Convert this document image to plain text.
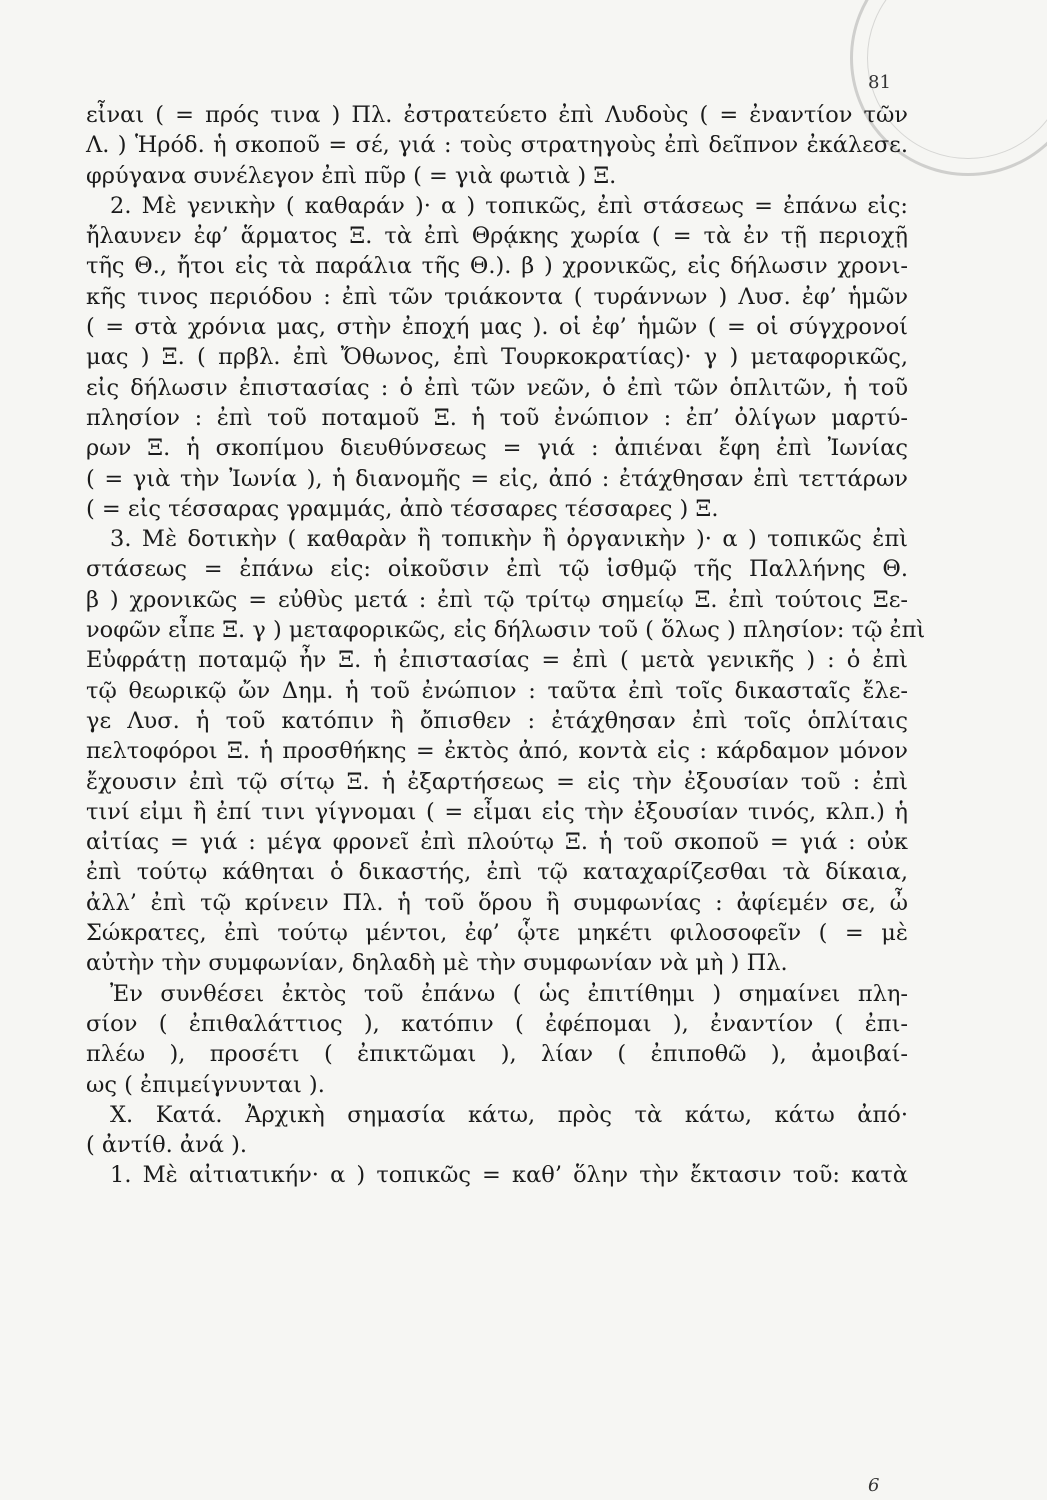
81
εἶναι ( = πρός τινα ) Πλ. ἐστρατεύετο ἐπὶ Λυδοὺς ( = ἐναντίον τῶν
Λ. ) Ἡρόδ. ἡ σκοποῦ = σέ, γιά : τοὺς στρατηγοὺς ἐπὶ δεῖπνον ἐκάλεσε.
φρύγανα συνέλεγον ἐπὶ πῦρ ( = γιὰ φωτιὰ ) Ξ.
2. Μὲ γενικὴν ( καθαράν )· α ) τοπικῶς, ἐπὶ στάσεως = ἐπάνω εἰς:
ἤλαυνεν ἐφ’ ἅρματος Ξ. τὰ ἐπὶ Θρᾴκης χωρία ( = τὰ ἐν τῇ περιοχῇ
τῆς Θ., ἤτοι εἰς τὰ παράλια τῆς Θ.). β ) χρονικῶς, εἰς δήλωσιν χρονι-
κῆς τινος περιόδου : ἐπὶ τῶν τριάκοντα ( τυράννων ) Λυσ. ἐφ’ ἡμῶν
( = στὰ χρόνια μας, στὴν ἐποχή μας ). οἱ ἐφ’ ἡμῶν ( = οἱ σύγχρονοί
μας ) Ξ. ( πρβλ. ἐπὶ Ὄθωνος, ἐπὶ Τουρκοκρατίας)· γ ) μεταφορικῶς,
εἰς δήλωσιν ἐπιστασίας : ὁ ἐπὶ τῶν νεῶν, ὁ ἐπὶ τῶν ὁπλιτῶν, ἡ τοῦ
πλησίον : ἐπὶ τοῦ ποταμοῦ Ξ. ἡ τοῦ ἐνώπιον : ἐπ’ ὀλίγων μαρτύ-
ρων Ξ. ἡ σκοπίμου διευθύνσεως = γιά : ἀπιέναι ἔφη ἐπὶ Ἰωνίας
( = γιὰ τὴν Ἰωνία ), ἡ διανομῆς = εἰς, ἀπό : ἐτάχθησαν ἐπὶ τεττάρων
( = εἰς τέσσαρας γραμμάς, ἀπὸ τέσσαρες τέσσαρες ) Ξ.
3. Μὲ δοτικὴν ( καθαρὰν ἢ τοπικὴν ἢ ὀργανικὴν )· α ) τοπικῶς ἐπὶ
στάσεως = ἐπάνω εἰς: οἰκοῦσιν ἐπὶ τῷ ἰσθμῷ τῆς Παλλήνης Θ.
β ) χρονικῶς = εὐθὺς μετά : ἐπὶ τῷ τρίτῳ σημείῳ Ξ. ἐπὶ τούτοις Ξε-
νοφῶν εἶπε Ξ. γ ) μεταφορικῶς, εἰς δήλωσιν τοῦ ( ὅλως ) πλησίον: τῷ ἐπὶ
Εὐφράτῃ ποταμῷ ἦν Ξ. ἡ ἐπιστασίας = ἐπὶ ( μετὰ γενικῆς ) : ὁ ἐπὶ
τῷ θεωρικῷ ὤν Δημ. ἡ τοῦ ἐνώπιον : ταῦτα ἐπὶ τοῖς δικασταῖς ἔλε-
γε Λυσ. ἡ τοῦ κατόπιν ἢ ὄπισθεν : ἐτάχθησαν ἐπὶ τοῖς ὁπλίταις
πελτοφόροι Ξ. ἡ προσθήκης = ἐκτὸς ἀπό, κοντὰ εἰς : κάρδαμον μόνον
ἔχουσιν ἐπὶ τῷ σίτῳ Ξ. ἡ ἐξαρτήσεως = εἰς τὴν ἐξουσίαν τοῦ : ἐπὶ
τινί εἰμι ἢ ἐπί τινι γίγνομαι ( = εἶμαι εἰς τὴν ἐξουσίαν τινός, κλπ.) ἡ
αἰτίας = γιά : μέγα φρονεῖ ἐπὶ πλούτῳ Ξ. ἡ τοῦ σκοποῦ = γιά : οὐκ
ἐπὶ τούτῳ κάθηται ὁ δικαστής, ἐπὶ τῷ καταχαρίζεσθαι τὰ δίκαια,
ἀλλ’ ἐπὶ τῷ κρίνειν Πλ. ἡ τοῦ ὅρου ἢ συμφωνίας : ἀφίεμέν σε, ὦ
Σώκρατες, ἐπὶ τούτῳ μέντοι, ἐφ’ ᾧτε μηκέτι φιλοσοφεῖν ( = μὲ
αὐτὴν τὴν συμφωνίαν, δηλαδὴ μὲ τὴν συμφωνίαν νὰ μὴ ) Πλ.
Ἐν συνθέσει ἐκτὸς τοῦ ἐπάνω ( ὡς ἐπιτίθημι ) σημαίνει πλη-
σίον ( ἐπιθαλάττιος ), κατόπιν ( ἐφέπομαι ), ἐναντίον ( ἐπι-
πλέω ), προσέτι ( ἐπικτῶμαι ), λίαν ( ἐπιποθῶ ), ἀμοιβαί-
ως ( ἐπιμείγνυνται ).
Χ. Κατά. Ἀρχικὴ σημασία κάτω, πρὸς τὰ κάτω, κάτω ἀπό·
( ἀντίθ. ἀνά ).
1. Μὲ αἰτιατικήν· α ) τοπικῶς = καθ’ ὅλην τὴν ἔκτασιν τοῦ: κατὰ
6
